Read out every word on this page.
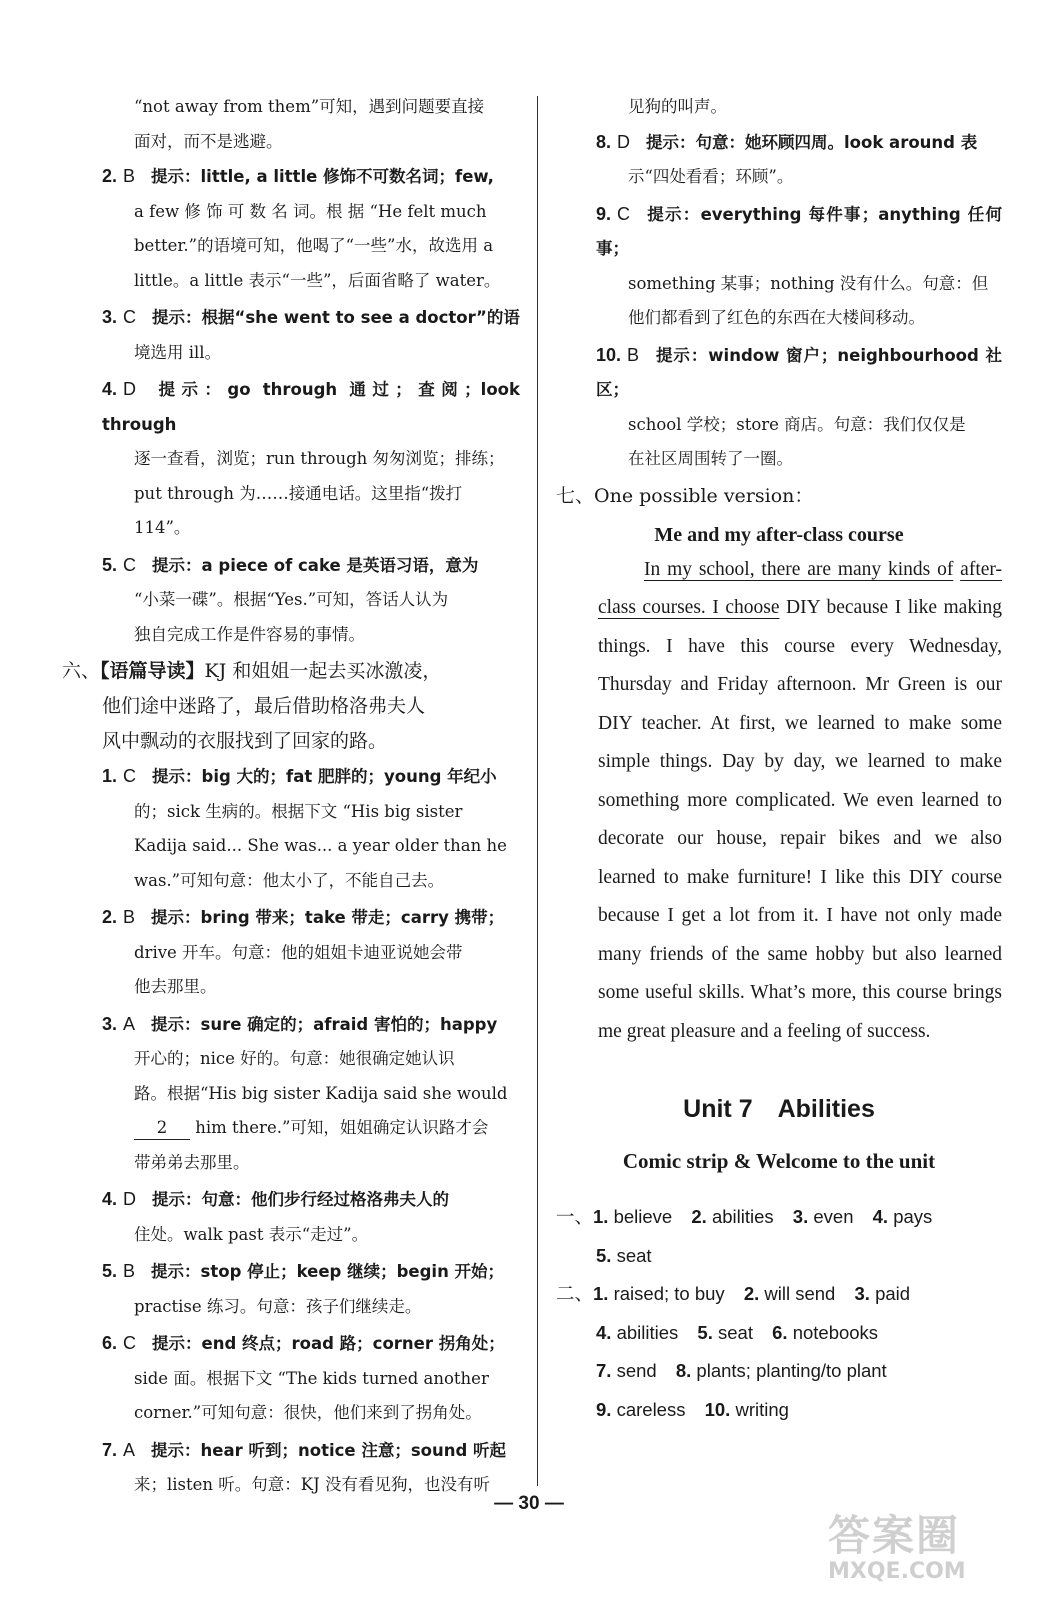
“not away from them”可知，遇到问题要直接
面对，而不是逃避。

2. B 提示：little, a little 修饰不可数名词；few,

a few 修 饰 可 数 名 词。根 据 “He felt much
better.”的语境可知，他喝了“一些”水，故选用 a
little。a little 表示“一些”，后面省略了 water。

3. C 提示：根据“she went to see a doctor”的语

境选用 ill。

4. D 提示：go through 通过；查阅；look through

逐一查看，浏览；run through 匆匆浏览；排练；
put through 为……接通电话。这里指“拨打
114”。

5. C 提示：a piece of cake 是英语习语，意为

“小菜一碟”。根据“Yes.”可知，答话人认为
独自完成工作是件容易的事情。

六、【语篇导读】KJ 和姐姐一起去买冰激凌，

他们途中迷路了，最后借助格洛弗夫人
风中飘动的衣服找到了回家的路。

1. C 提示：big 大的；fat 肥胖的；young 年纪小

的；sick 生病的。根据下文 “His big sister
Kadija said... She was... a year older than he
was.”可知句意：他太小了，不能自己去。

2. B 提示：bring 带来；take 带走；carry 携带；

drive 开车。句意：他的姐姐卡迪亚说她会带
他去那里。

3. A 提示：sure 确定的；afraid 害怕的；happy

开心的；nice 好的。句意：她很确定她认识
路。根据“His big sister Kadija said she would
2 him there.”可知，姐姐确定认识路才会
带弟弟去那里。

4. D 提示：句意：他们步行经过格洛弗夫人的

住处。walk past 表示“走过”。

5. B 提示：stop 停止；keep 继续；begin 开始；

practise 练习。句意：孩子们继续走。

6. C 提示：end 终点；road 路；corner 拐角处；

side 面。根据下文 “The kids turned another
corner.”可知句意：很快，他们来到了拐角处。

7. A 提示：hear 听到；notice 注意；sound 听起

来；listen 听。句意：KJ 没有看见狗，也没有听

见狗的叫声。

8. D 提示：句意：她环顾四周。look around 表

示“四处看看；环顾”。

9. C 提示：everything 每件事；anything 任何事；

something 某事；nothing 没有什么。句意：但
他们都看到了红色的东西在大楼间移动。

10. B 提示：window 窗户；neighbourhood 社区；

school 学校；store 商店。句意：我们仅仅是
在社区周围转了一圈。

七、One possible version：

Me and my after-class course

In my school, there are many kinds of after-class courses. I choose DIY because I like making things. I have this course every Wednesday, Thursday and Friday afternoon. Mr Green is our DIY teacher. At first, we learned to make some simple things. Day by day, we learned to make something more complicated. We even learned to decorate our house, repair bikes and we also learned to make furniture! I like this DIY course because I get a lot from it. I have not only made many friends of the same hobby but also learned some useful skills. What’s more, this course brings me great pleasure and a feeling of success.

Unit 7　Abilities
Comic strip & Welcome to the unit

一、1. believe 2. abilities 3. even 4. pays

5. seat

二、1. raised; to buy 2. will send 3. paid

4. abilities 5. seat 6. notebooks

7. send 8. plants; planting/to plant

9. careless 10. writing

— 30 —
答案圈
MXQE.COM
